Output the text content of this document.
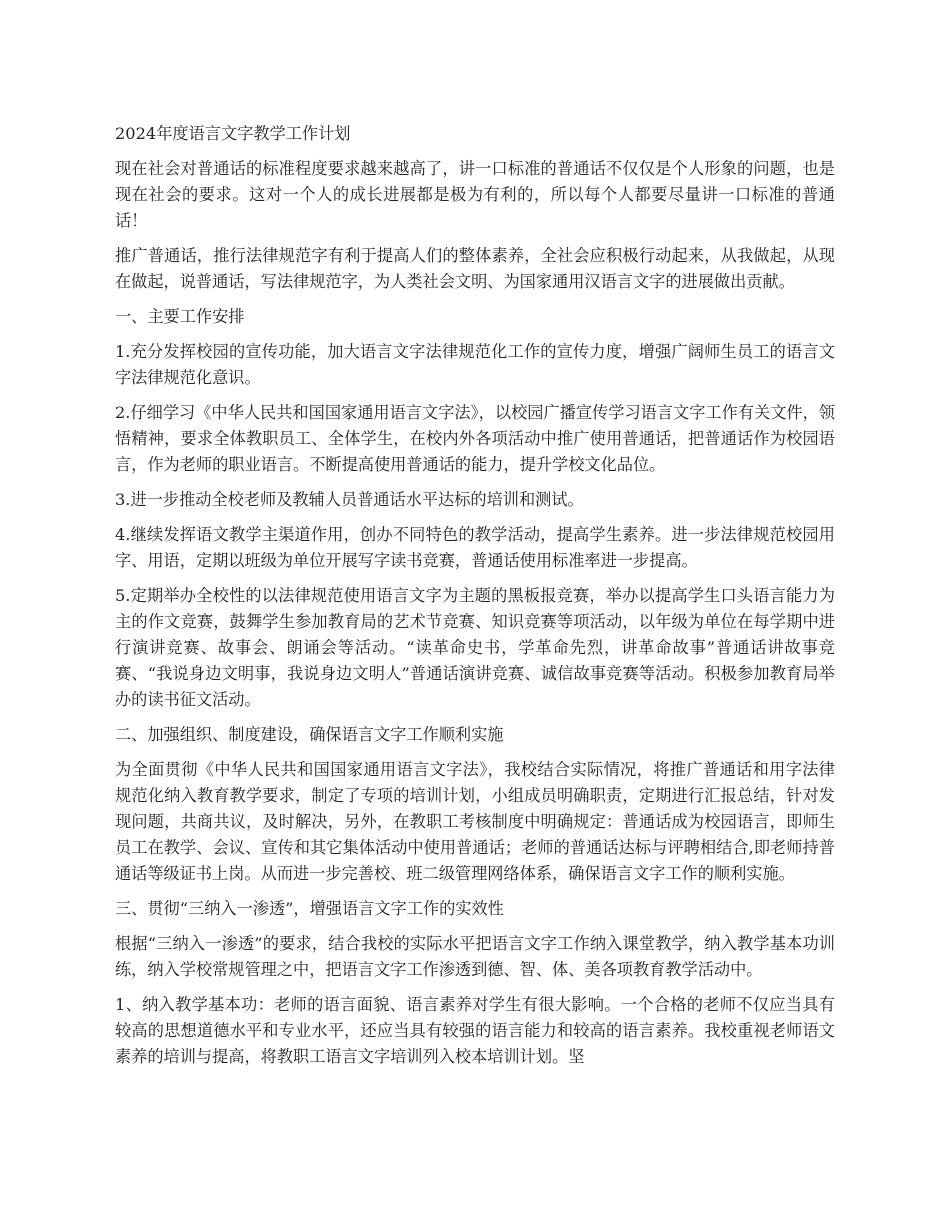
2024年度语言文字教学工作计划

现在社会对普通话的标准程度要求越来越高了，讲一口标准的普通话不仅仅是个人形象的问题，也是现在社会的要求。这对一个人的成长进展都是极为有利的，所以每个人都要尽量讲一口标准的普通话！

推广普通话，推行法律规范字有利于提高人们的整体素养，全社会应积极行动起来，从我做起，从现在做起，说普通话，写法律规范字，为人类社会文明、为国家通用汉语言文字的进展做出贡献。

一、主要工作安排

1.充分发挥校园的宣传功能，加大语言文字法律规范化工作的宣传力度，增强广阔师生员工的语言文字法律规范化意识。

2.仔细学习《中华人民共和国国家通用语言文字法》，以校园广播宣传学习语言文字工作有关文件，领悟精神，要求全体教职员工、全体学生，在校内外各项活动中推广使用普通话，把普通话作为校园语言，作为老师的职业语言。不断提高使用普通话的能力，提升学校文化品位。

3.进一步推动全校老师及教辅人员普通话水平达标的培训和测试。

4.继续发挥语文教学主渠道作用，创办不同特色的教学活动，提高学生素养。进一步法律规范校园用字、用语，定期以班级为单位开展写字读书竞赛，普通话使用标准率进一步提高。

5.定期举办全校性的以法律规范使用语言文字为主题的黑板报竞赛，举办以提高学生口头语言能力为主的作文竞赛，鼓舞学生参加教育局的艺术节竞赛、知识竞赛等项活动，以年级为单位在每学期中进行演讲竞赛、故事会、朗诵会等活动。“读革命史书，学革命先烈，讲革命故事”普通话讲故事竞赛、“我说身边文明事，我说身边文明人”普通话演讲竞赛、诚信故事竞赛等活动。积极参加教育局举办的读书征文活动。

二、加强组织、制度建设，确保语言文字工作顺利实施

为全面贯彻《中华人民共和国国家通用语言文字法》，我校结合实际情况，将推广普通话和用字法律规范化纳入教育教学要求，制定了专项的培训计划，小组成员明确职责，定期进行汇报总结，针对发现问题，共商共议，及时解决，另外，在教职工考核制度中明确规定：普通话成为校园语言，即师生员工在教学、会议、宣传和其它集体活动中使用普通话；老师的普通话达标与评聘相结合,即老师持普通话等级证书上岗。从而进一步完善校、班二级管理网络体系，确保语言文字工作的顺利实施。

三、贯彻“三纳入一渗透”，增强语言文字工作的实效性

根据“三纳入一渗透”的要求，结合我校的实际水平把语言文字工作纳入课堂教学，纳入教学基本功训练，纳入学校常规管理之中，把语言文字工作渗透到德、智、体、美各项教育教学活动中。

1、纳入教学基本功：老师的语言面貌、语言素养对学生有很大影响。一个合格的老师不仅应当具有较高的思想道德水平和专业水平，还应当具有较强的语言能力和较高的语言素养。我校重视老师语文素养的培训与提高，将教职工语言文字培训列入校本培训计划。坚
